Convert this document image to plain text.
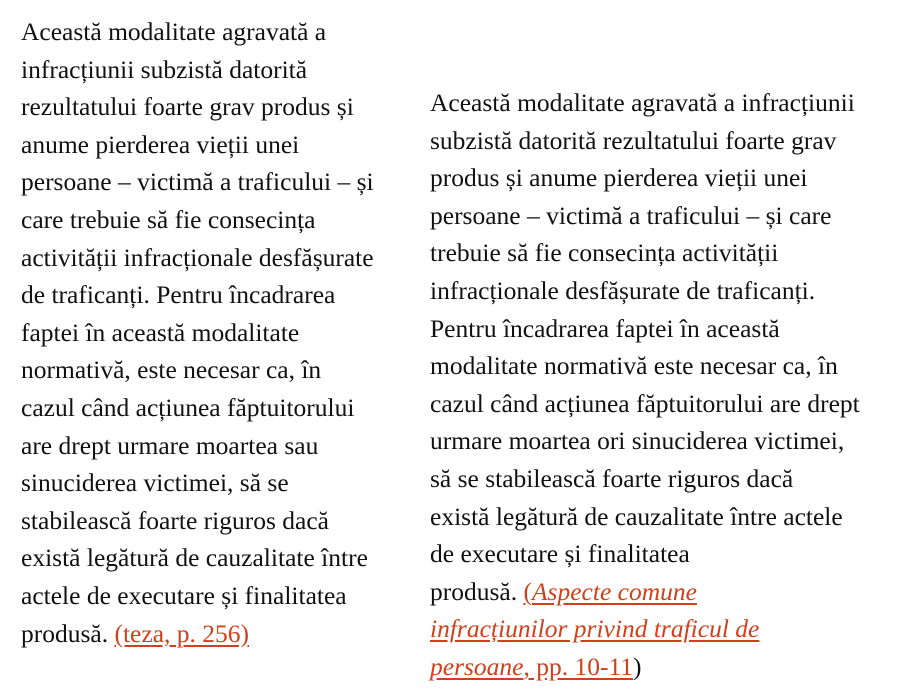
Această modalitate agravată a
infracțiunii subzistă datorită
rezultatului foarte grav produs și
anume pierderea vieții unei
persoane – victimă a traficului – și
care trebuie să fie consecința
activității infracționale desfășurate
de traficanți. Pentru încadrarea
faptei în această modalitate
normativă, este necesar ca, în
cazul când acțiunea făptuitorului
are drept urmare moartea sau
sinuciderea victimei, să se
stabilească foarte riguros dacă
există legătură de cauzalitate între
actele de executare și finalitatea
produsă. (teza, p. 256)
Această modalitate agravată a infracțiunii
subzistă datorită rezultatului foarte grav
produs și anume pierderea vieții unei
persoane – victimă a traficului – și care
trebuie să fie consecința activității
infracționale desfășurate de traficanți.
Pentru încadrarea faptei în această
modalitate normativă este necesar ca, în
cazul când acțiunea făptuitorului are drept
urmare moartea ori sinuciderea victimei,
să se stabilească foarte riguros dacă
există legătură de cauzalitate între actele
de executare și finalitatea
produsă. (Aspecte comune
infracțiunilor privind traficul de
persoane, pp. 10-11)
